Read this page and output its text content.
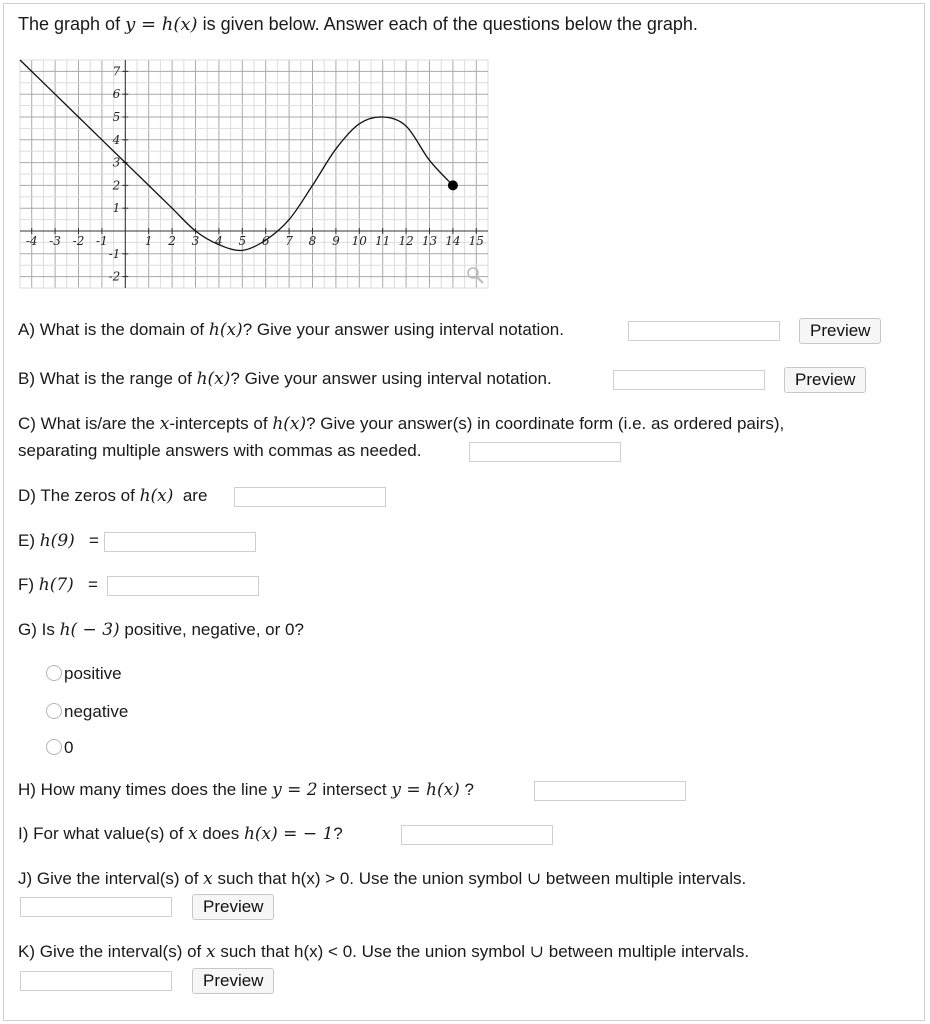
The graph of y = h(x) is given below. Answer each of the questions below the graph.
-4 -3 -2 -1	1 2 3 4 5 6 7 8 9 10 11 12 13 14 15
7
6
5
4
3
2
1
-1
-2
A) What is the domain of h(x)? Give your answer using interval notation.	Preview
B) What is the range of h(x)? Give your answer using interval notation.	Preview
C) What is/are the x-intercepts of h(x)? Give your answer(s) in coordinate form (i.e. as ordered pairs),
separating multiple answers with commas as needed.
D) The zeros of h(x) are
E) h(9) =
F) h(7) =
G) Is h( − 3) positive, negative, or 0?
positive
negative
0
H) How many times does the line y = 2 intersect y = h(x) ?
I) For what value(s) of x does h(x) = − 1?
J) Give the interval(s) of x such that h(x) > 0. Use the union symbol ∪ between multiple intervals.
Preview
K) Give the interval(s) of x such that h(x) < 0. Use the union symbol ∪ between multiple intervals.
Preview
